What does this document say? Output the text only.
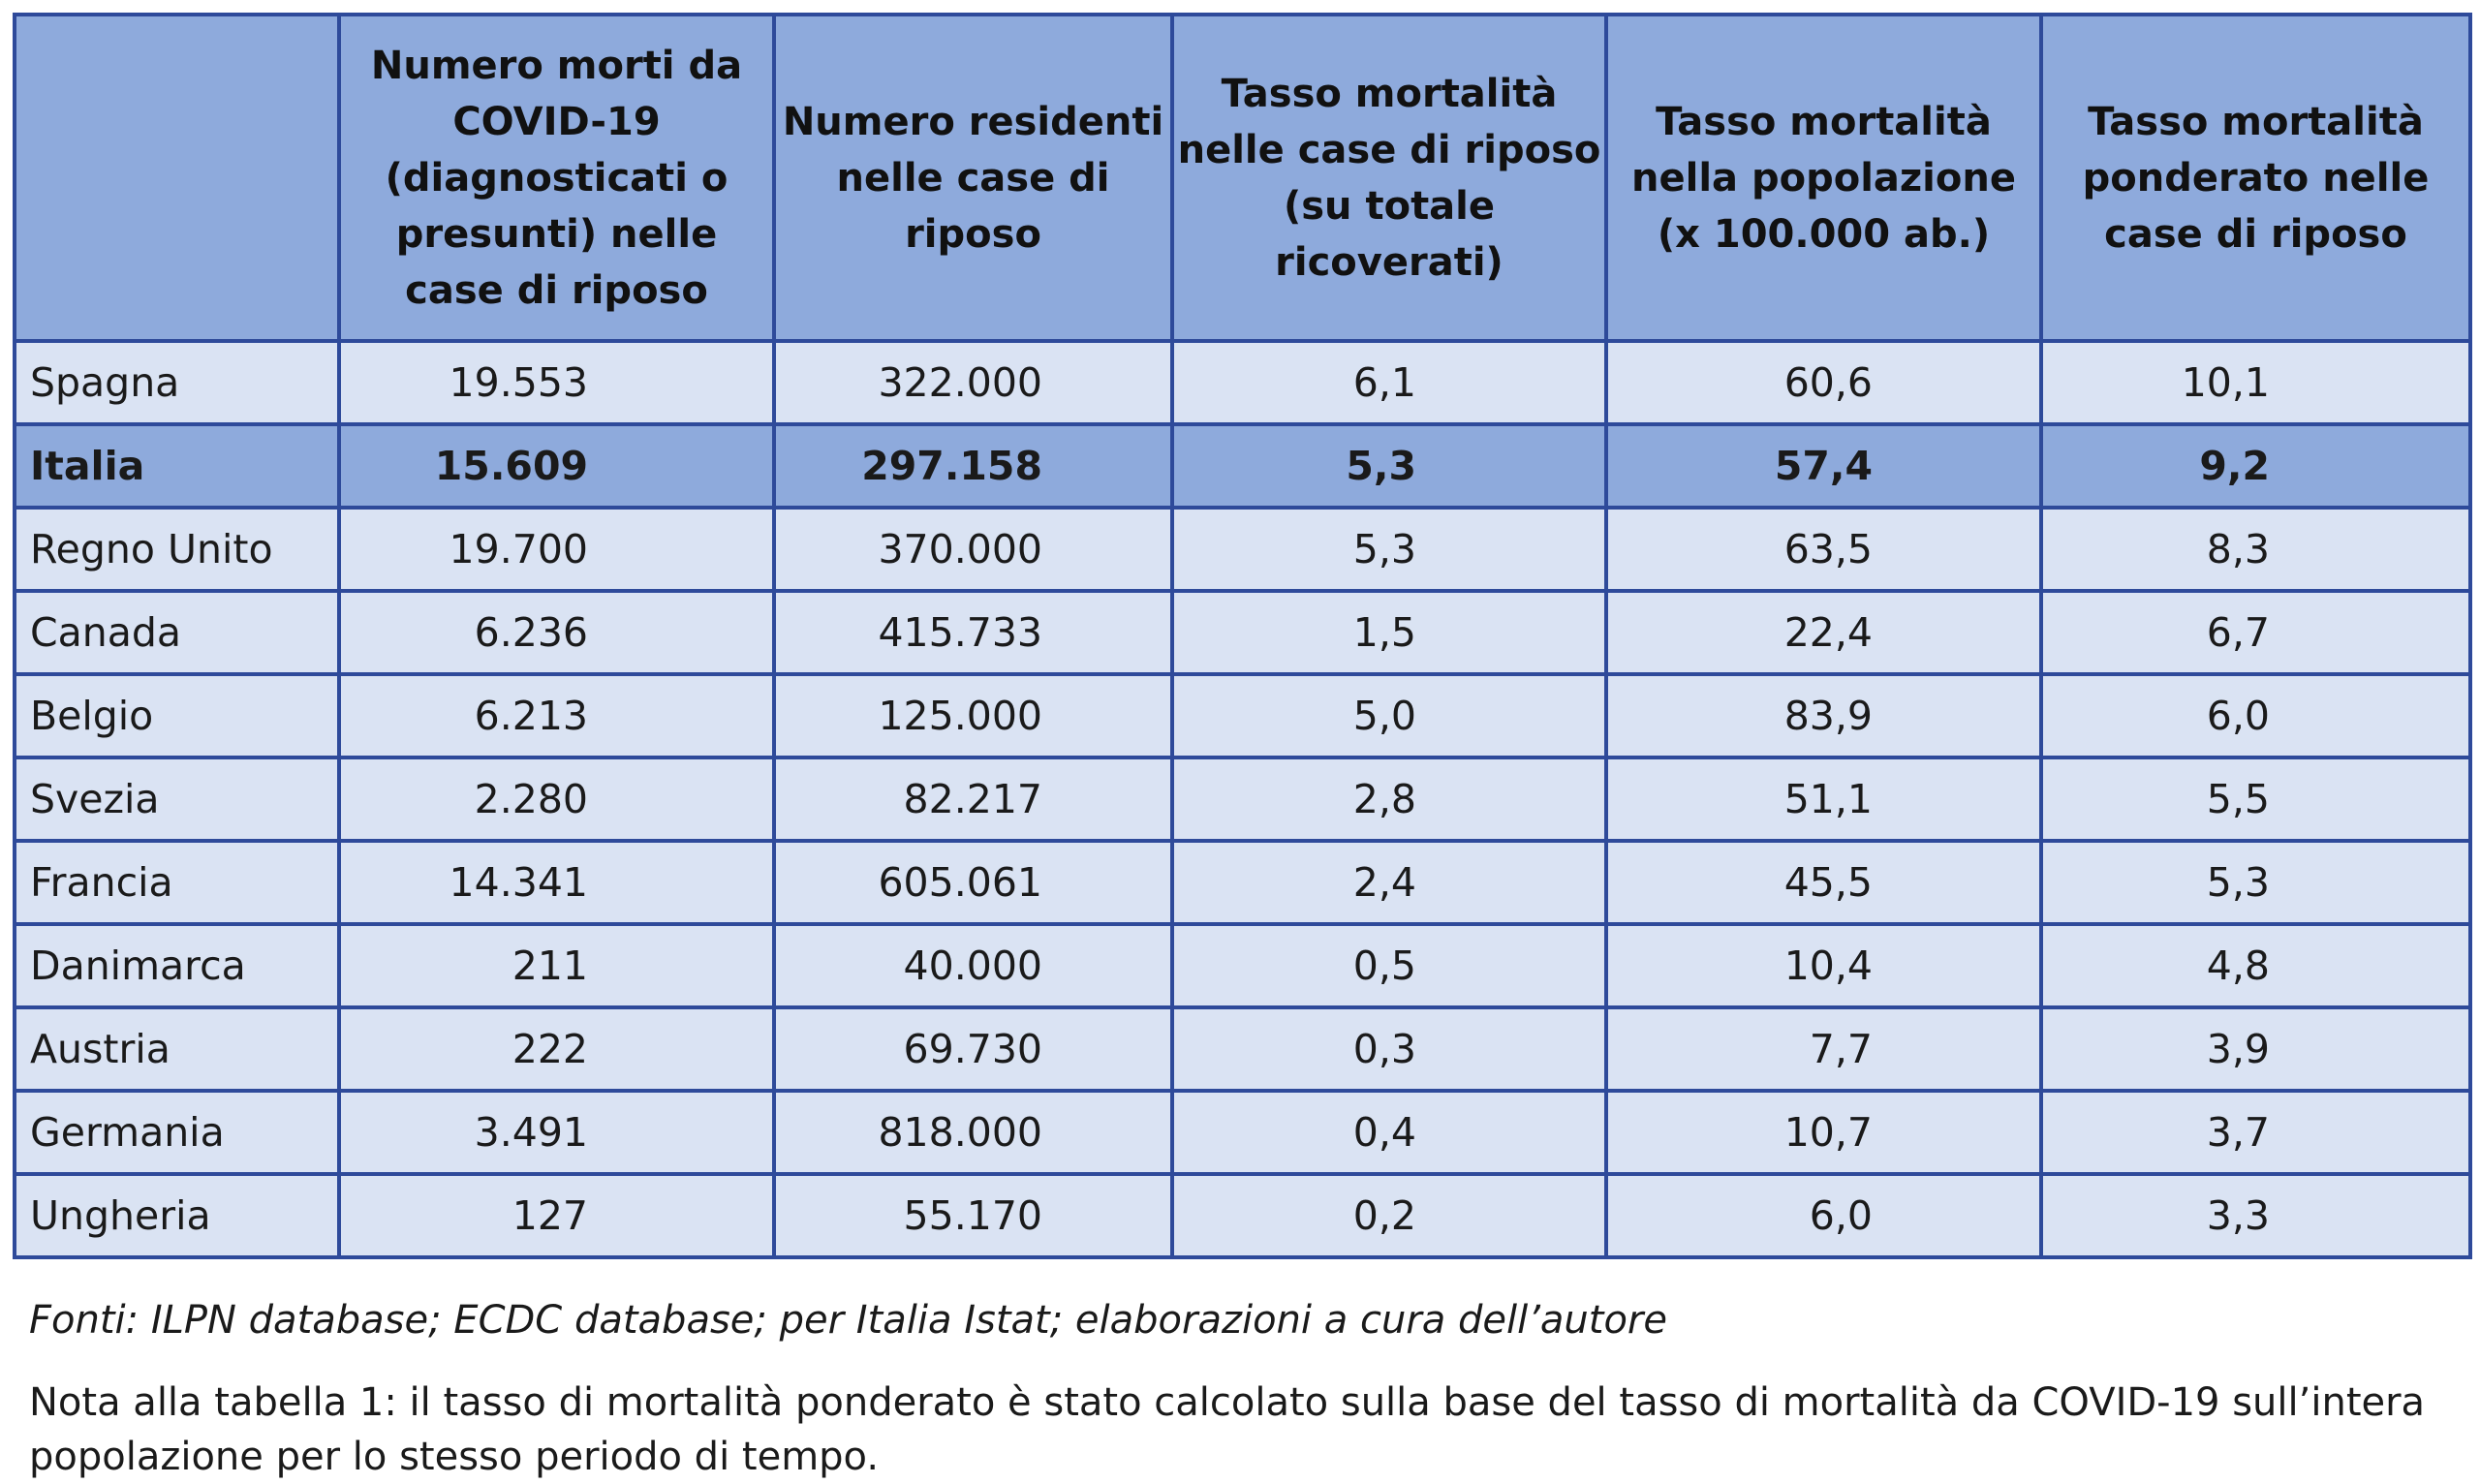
	Numero morti da COVID-19 (diagnosticati o presunti) nelle case di riposo	Numero residenti nelle case di riposo	Tasso mortalità nelle case di riposo (su totale ricoverati)	Tasso mortalità nella popolazione (x 100.000 ab.)	Tasso mortalità ponderato nelle case di riposo
Spagna	19.553	322.000	6,1	60,6	10,1
Italia	15.609	297.158	5,3	57,4	9,2
Regno Unito	19.700	370.000	5,3	63,5	8,3
Canada	6.236	415.733	1,5	22,4	6,7
Belgio	6.213	125.000	5,0	83,9	6,0
Svezia	2.280	82.217	2,8	51,1	5,5
Francia	14.341	605.061	2,4	45,5	5,3
Danimarca	211	40.000	0,5	10,4	4,8
Austria	222	69.730	0,3	7,7	3,9
Germania	3.491	818.000	0,4	10,7	3,7
Ungheria	127	55.170	0,2	6,0	3,3
Fonti: ILPN database; ECDC database; per Italia Istat; elaborazioni a cura dell’autore
Nota alla tabella 1: il tasso di mortalità ponderato è stato calcolato sulla base del tasso di mortalità da COVID-19 sull’intera popolazione per lo stesso periodo di tempo.
